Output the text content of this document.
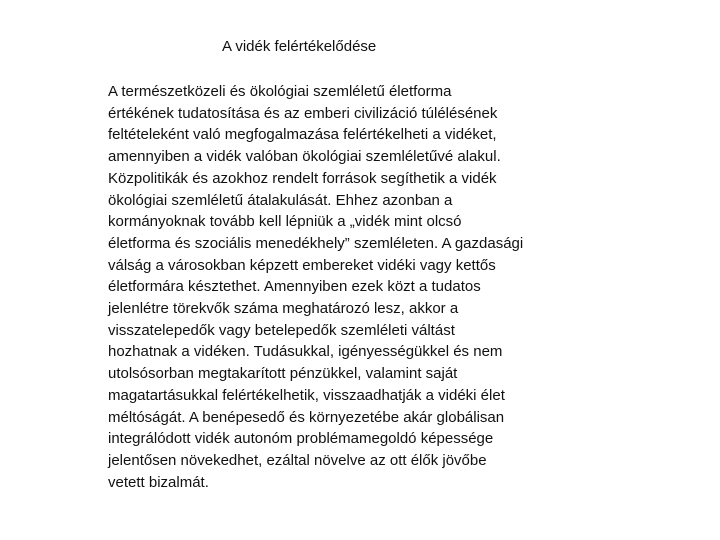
A vidék felértékelődése
A természetközeli és ökológiai szemléletű életforma
értékének tudatosítása és az emberi civilizáció túlélésének
feltételeként való megfogalmazása felértékelheti a vidéket,
amennyiben a vidék valóban ökológiai szemléletűvé alakul.
Közpolitikák és azokhoz rendelt források segíthetik a vidék
ökológiai szemléletű átalakulását. Ehhez azonban a
kormányoknak tovább kell lépniük a „vidék mint olcsó
életforma és szociális menedékhely” szemléleten. A gazdasági
válság a városokban képzett embereket vidéki vagy kettős
életformára késztethet. Amennyiben ezek közt a tudatos
jelenlétre törekvők száma meghatározó lesz, akkor a
visszatelepedők vagy betelepedők szemléleti váltást
hozhatnak a vidéken. Tudásukkal, igényességükkel és nem
utolsósorban megtakarított pénzükkel, valamint saját
magatartásukkal felértékelhetik, visszaadhatják a vidéki élet
méltóságát. A benépesedő és környezetébe akár globálisan
integrálódott vidék autonóm problémamegoldó képessége
jelentősen növekedhet, ezáltal növelve az ott élők jövőbe
vetett bizalmát.
